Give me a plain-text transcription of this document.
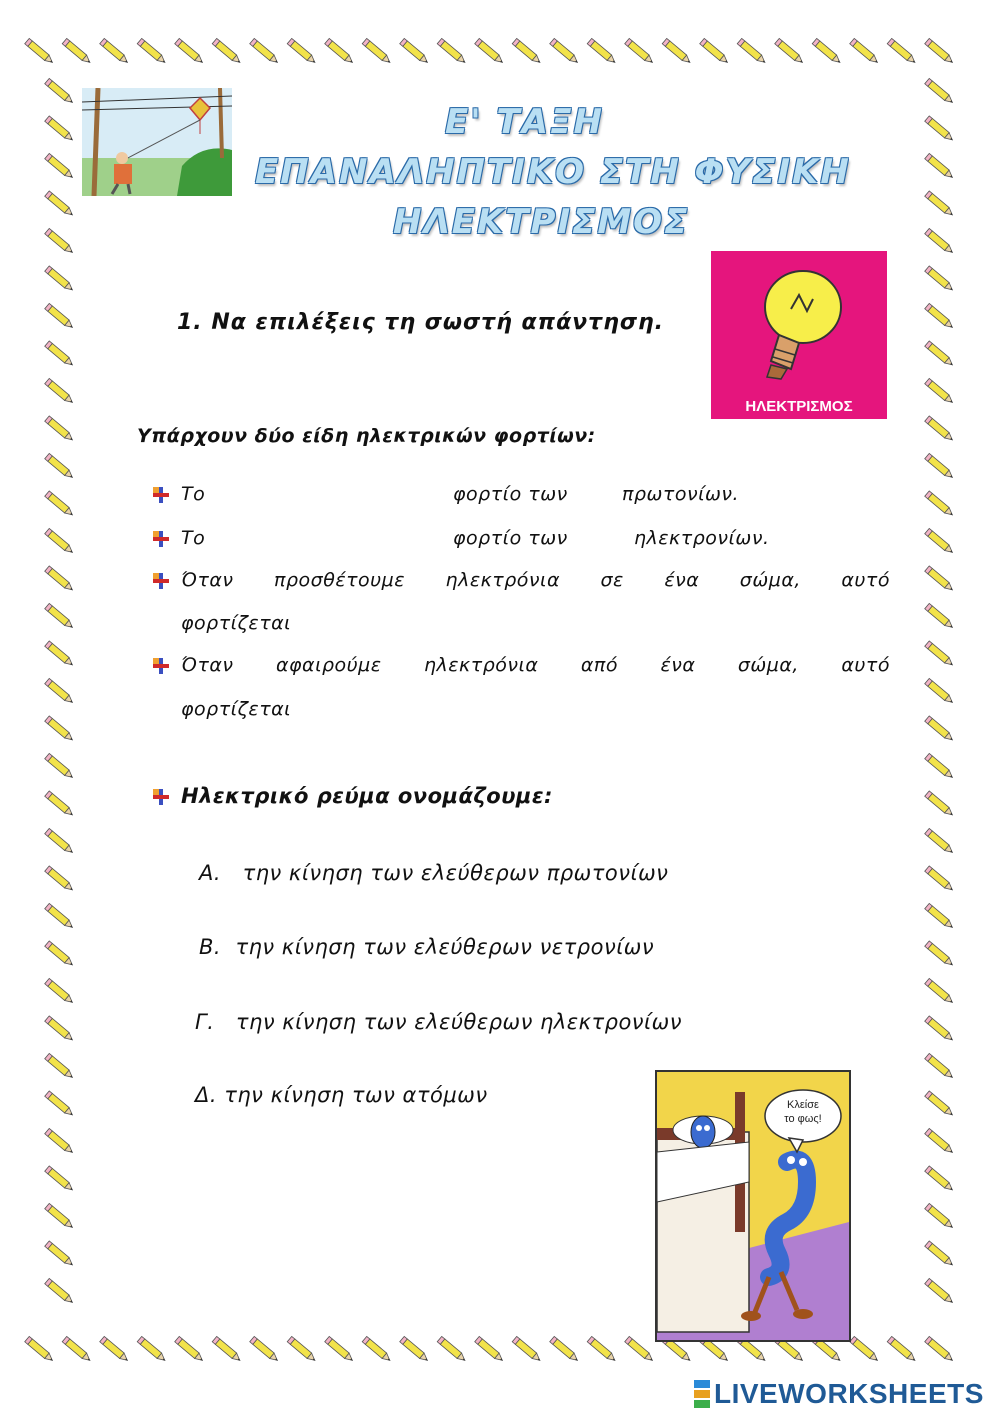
Ε' ΤΑΞΗ
ΕΠΑΝΑΛΗΠΤΙΚΟ ΣΤΗ ΦΥΣΙΚΗ
ΗΛΕΚΤΡΙΣΜΟΣ
ΗΛΕΚΤΡΙΣΜΟΣ
1. Να επιλέξεις τη σωστή απάντηση.
Υπάρχουν δύο είδη ηλεκτρικών φορτίων:
Το	φορτίο των	πρωτονίων.
Το	φορτίο των	ηλεκτρονίων.
Όταν προσθέτουμε ηλεκτρόνια σε ένα σώμα, αυτό
φορτίζεται
Όταν αφαιρούμε ηλεκτρόνια από ένα σώμα, αυτό
φορτίζεται
Ηλεκτρικό ρεύμα ονομάζουμε:
Α. την κίνηση των ελεύθερων πρωτονίων
Β. την κίνηση των ελεύθερων νετρονίων
Γ. την κίνηση των ελεύθερων ηλεκτρονίων
Δ. την κίνηση των ατόμων	Κλείσε
το φως!
LIVEWORKSHEETS
